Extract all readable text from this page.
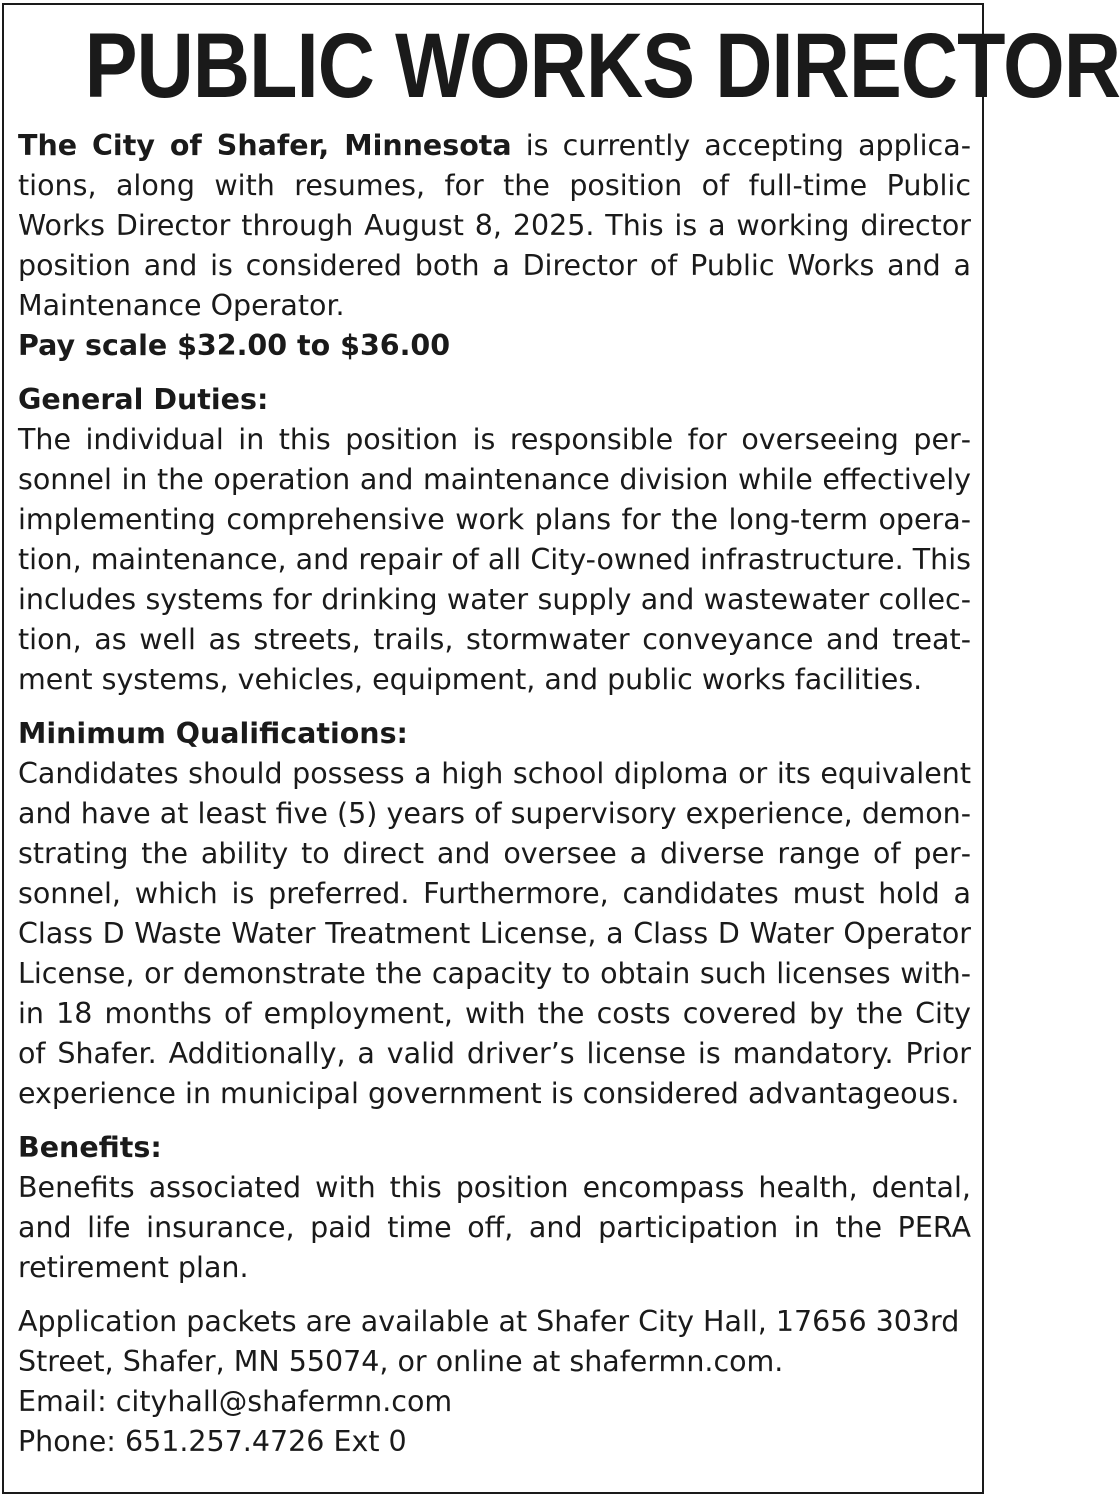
PUBLIC WORKS DIRECTOR

The City of Shafer, Minnesota is currently accepting applications, along with resumes, for the position of full-time Public Works Director through August 8, 2025. This is a working director position and is considered both a Director of Public Works and a Maintenance Operator.

Pay scale $32.00 to $36.00

General Duties:

The individual in this position is responsible for overseeing personnel in the operation and maintenance division while effectively implementing comprehensive work plans for the long-term operation, maintenance, and repair of all City-owned infrastructure. This includes systems for drinking water supply and wastewater collection, as well as streets, trails, stormwater conveyance and treatment systems, vehicles, equipment, and public works facilities.

Minimum Qualifications:

Candidates should possess a high school diploma or its equivalent and have at least five (5) years of supervisory experience, demonstrating the ability to direct and oversee a diverse range of personnel, which is preferred. Furthermore, candidates must hold a Class D Waste Water Treatment License, a Class D Water Operator License, or demonstrate the capacity to obtain such licenses within 18 months of employment, with the costs covered by the City of Shafer. Additionally, a valid driver’s license is mandatory. Prior experience in municipal government is considered advantageous.

Benefits:

Benefits associated with this position encompass health, dental, and life insurance, paid time off, and participation in the PERA retirement plan.

Application packets are available at Shafer City Hall, 17656 303rd Street, Shafer, MN 55074, or online at shafermn.com.

Email: cityhall@shafermn.com

Phone: 651.257.4726 Ext 0
